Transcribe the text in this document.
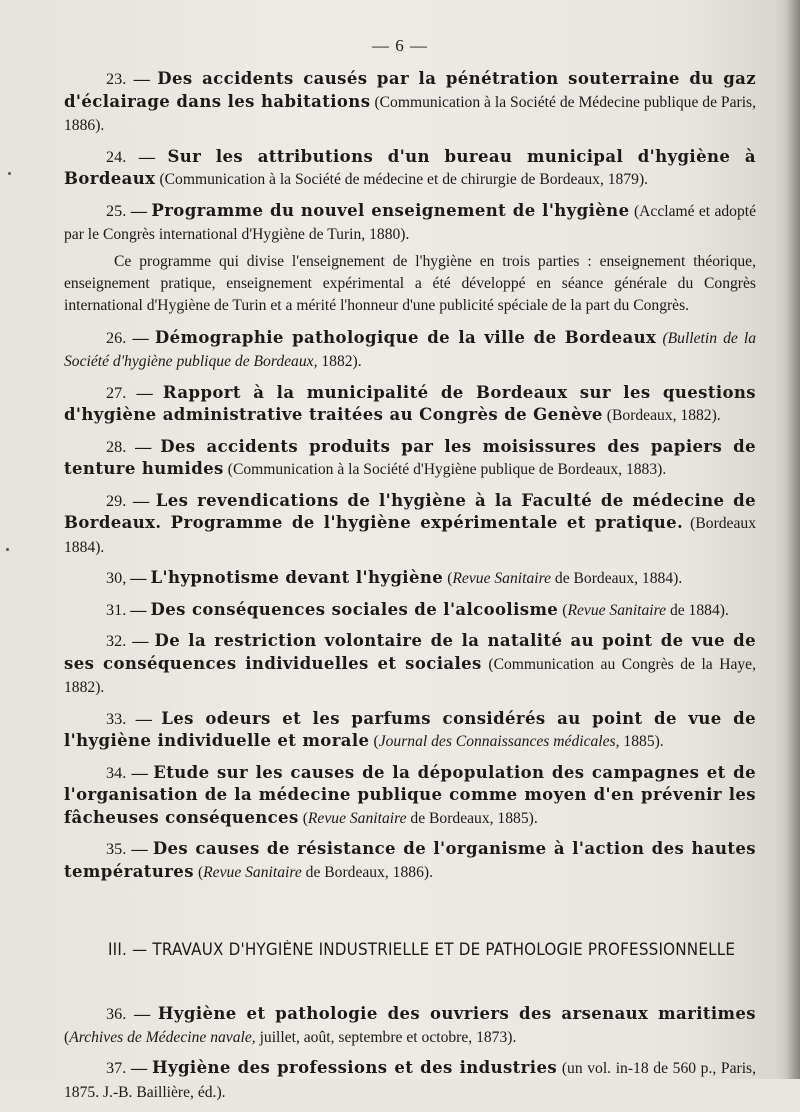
— 6 —

23. — Des accidents causés par la pénétration souterraine du gaz d'éclairage dans les habitations (Communication à la Société de Médecine publique de Paris, 1886).

24. — Sur les attributions d'un bureau municipal d'hygiène à Bordeaux (Communication à la Société de médecine et de chirurgie de Bordeaux, 1879).

25. — Programme du nouvel enseignement de l'hygiène (Acclamé et adopté par le Congrès international d'Hygiène de Turin, 1880).

Ce programme qui divise l'enseignement de l'hygiène en trois parties : enseignement théorique, enseignement pratique, enseignement expérimental a été développé en séance générale du Congrès international d'Hygiène de Turin et a mérité l'honneur d'une publicité spéciale de la part du Congrès.

26. — Démographie pathologique de la ville de Bordeaux (Bulletin de la Société d'hygiène publique de Bordeaux, 1882).

27. — Rapport à la municipalité de Bordeaux sur les questions d'hygiène administrative traitées au Congrès de Genève (Bordeaux, 1882).

28. — Des accidents produits par les moisissures des papiers de tenture humides (Communication à la Société d'Hygiène publique de Bordeaux, 1883).

29. — Les revendications de l'hygiène à la Faculté de médecine de Bordeaux. Programme de l'hygiène expérimentale et pratique. (Bordeaux 1884).

30, — L'hypnotisme devant l'hygiène (Revue Sanitaire de Bordeaux, 1884).

31. — Des conséquences sociales de l'alcoolisme (Revue Sanitaire de 1884).

32. — De la restriction volontaire de la natalité au point de vue de ses conséquences individuelles et sociales (Communication au Congrès de la Haye, 1882).

33. — Les odeurs et les parfums considérés au point de vue de l'hygiène individuelle et morale (Journal des Connaissances médicales, 1885).

34. — Etude sur les causes de la dépopulation des campagnes et de l'organisation de la médecine publique comme moyen d'en prévenir les fâcheuses conséquences (Revue Sanitaire de Bordeaux, 1885).

35. — Des causes de résistance de l'organisme à l'action des hautes températures (Revue Sanitaire de Bordeaux, 1886).

III. — TRAVAUX D'HYGIÈNE INDUSTRIELLE ET DE PATHOLOGIE PROFESSIONNELLE

36. — Hygiène et pathologie des ouvriers des arsenaux maritimes (Archives de Médecine navale, juillet, août, septembre et octobre, 1873).

37. — Hygiène des professions et des industries (un vol. in-18 de 560 p., Paris, 1875. J.-B. Baillière, éd.).
